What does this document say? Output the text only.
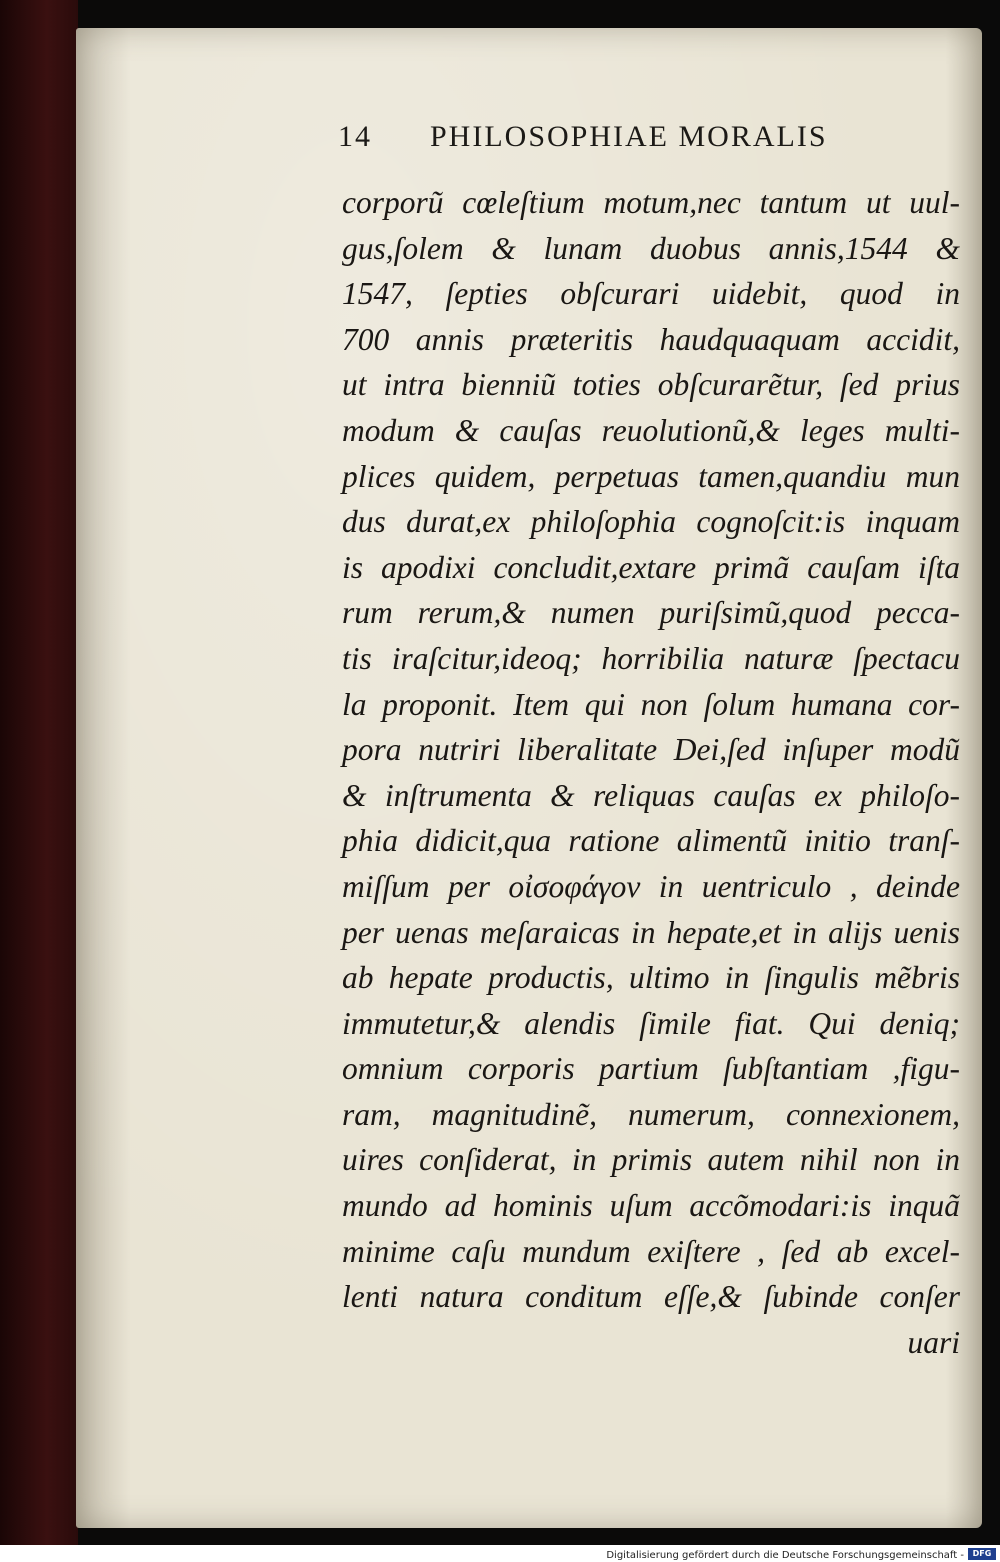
14 PHILOSOPHIAE MORALIS
corporũ cœleſtium motum,nec tantum ut uul-
gus,ſolem & lunam duobus annis,1544 &
1547, ſepties obſcurari uidebit, quod in
700 annis præteritis haudquaquam accidit,
ut intra bienniũ toties obſcurarẽtur, ſed prius
modum & cauſas reuolutionũ,& leges multi-
plices quidem, perpetuas tamen,quandiu mun
dus durat,ex philoſophia cognoſcit:is inquam
is apodixi concludit,extare primã cauſam iſta
rum rerum,& numen puriſsimũ,quod pecca-
tis iraſcitur,ideoq; horribilia naturæ ſpectacu
la proponit. Item qui non ſolum humana cor-
pora nutriri liberalitate Dei,ſed inſuper modũ
& inſtrumenta & reliquas cauſas ex philoſo-
phia didicit,qua ratione alimentũ initio tranſ-
miſſum per οἰσοφάγον in uentriculo , deinde
per uenas meſaraicas in hepate,et in alijs uenis
ab hepate productis, ultimo in ſingulis mẽbris
immutetur,& alendis ſimile fiat. Qui deniq;
omnium corporis partium ſubſtantiam ,figu-
ram, magnitudinẽ, numerum, connexionem,
uires conſiderat, in primis autem nihil non in
mundo ad hominis uſum accõmodari:is inquã
minime caſu mundum exiſtere , ſed ab excel-
lenti natura conditum eſſe,& ſubinde conſer
uari
Digitalisierung gefördert durch die Deutsche Forschungsgemeinschaft -	DFG
